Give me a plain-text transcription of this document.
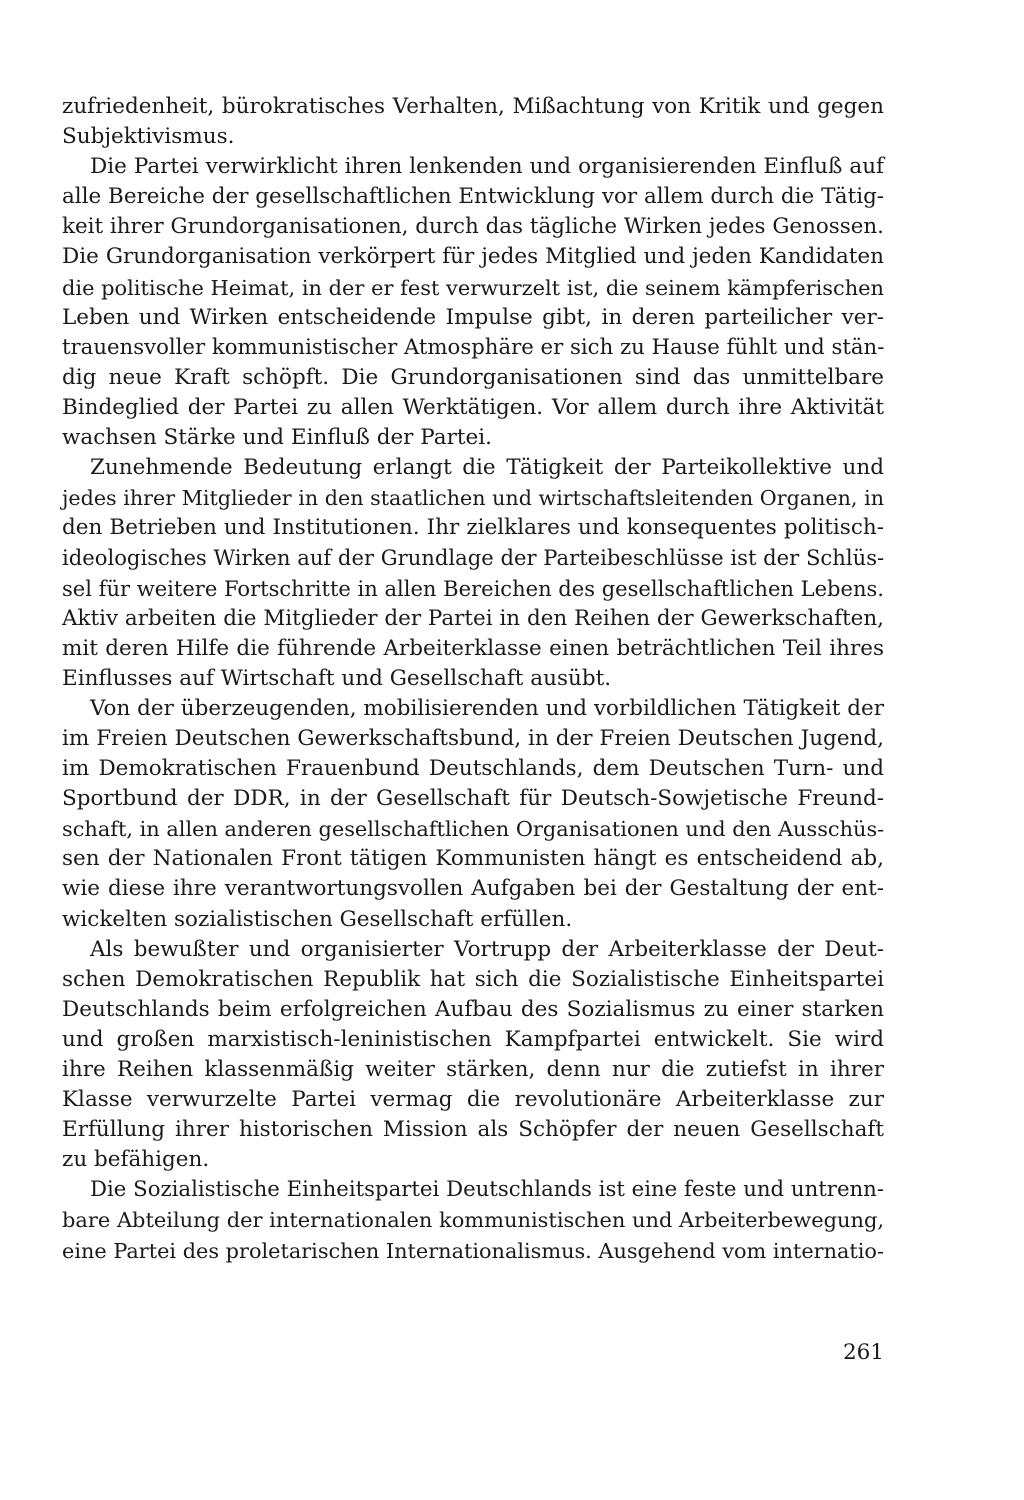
zufriedenheit, bürokratisches Verhalten, Mißachtung von Kritik und gegen
Subjektivismus.
Die Partei verwirklicht ihren lenkenden und organisierenden Einfluß auf
alle Bereiche der gesellschaftlichen Entwicklung vor allem durch die Tätig-
keit ihrer Grundorganisationen, durch das tägliche Wirken jedes Genossen.
Die Grundorganisation verkörpert für jedes Mitglied und jeden Kandidaten
die politische Heimat, in der er fest verwurzelt ist, die seinem kämpferischen
Leben und Wirken entscheidende Impulse gibt, in deren parteilicher ver-
trauensvoller kommunistischer Atmosphäre er sich zu Hause fühlt und stän-
dig neue Kraft schöpft. Die Grundorganisationen sind das unmittelbare
Bindeglied der Partei zu allen Werktätigen. Vor allem durch ihre Aktivität
wachsen Stärke und Einfluß der Partei.
Zunehmende Bedeutung erlangt die Tätigkeit der Parteikollektive und
jedes ihrer Mitglieder in den staatlichen und wirtschaftsleitenden Organen, in
den Betrieben und Institutionen. Ihr zielklares und konsequentes politisch-
ideologisches Wirken auf der Grundlage der Parteibeschlüsse ist der Schlüs-
sel für weitere Fortschritte in allen Bereichen des gesellschaftlichen Lebens.
Aktiv arbeiten die Mitglieder der Partei in den Reihen der Gewerkschaften,
mit deren Hilfe die führende Arbeiterklasse einen beträchtlichen Teil ihres
Einflusses auf Wirtschaft und Gesellschaft ausübt.
Von der überzeugenden, mobilisierenden und vorbildlichen Tätigkeit der
im Freien Deutschen Gewerkschaftsbund, in der Freien Deutschen Jugend,
im Demokratischen Frauenbund Deutschlands, dem Deutschen Turn- und
Sportbund der DDR, in der Gesellschaft für Deutsch-Sowjetische Freund-
schaft, in allen anderen gesellschaftlichen Organisationen und den Ausschüs-
sen der Nationalen Front tätigen Kommunisten hängt es entscheidend ab,
wie diese ihre verantwortungsvollen Aufgaben bei der Gestaltung der ent-
wickelten sozialistischen Gesellschaft erfüllen.
Als bewußter und organisierter Vortrupp der Arbeiterklasse der Deut-
schen Demokratischen Republik hat sich die Sozialistische Einheitspartei
Deutschlands beim erfolgreichen Aufbau des Sozialismus zu einer starken
und großen marxistisch-leninistischen Kampfpartei entwickelt. Sie wird
ihre Reihen klassenmäßig weiter stärken, denn nur die zutiefst in ihrer
Klasse verwurzelte Partei vermag die revolutionäre Arbeiterklasse zur
Erfüllung ihrer historischen Mission als Schöpfer der neuen Gesellschaft
zu befähigen.
Die Sozialistische Einheitspartei Deutschlands ist eine feste und untrenn-
bare Abteilung der internationalen kommunistischen und Arbeiterbewegung,
eine Partei des proletarischen Internationalismus. Ausgehend vom internatio-
261
